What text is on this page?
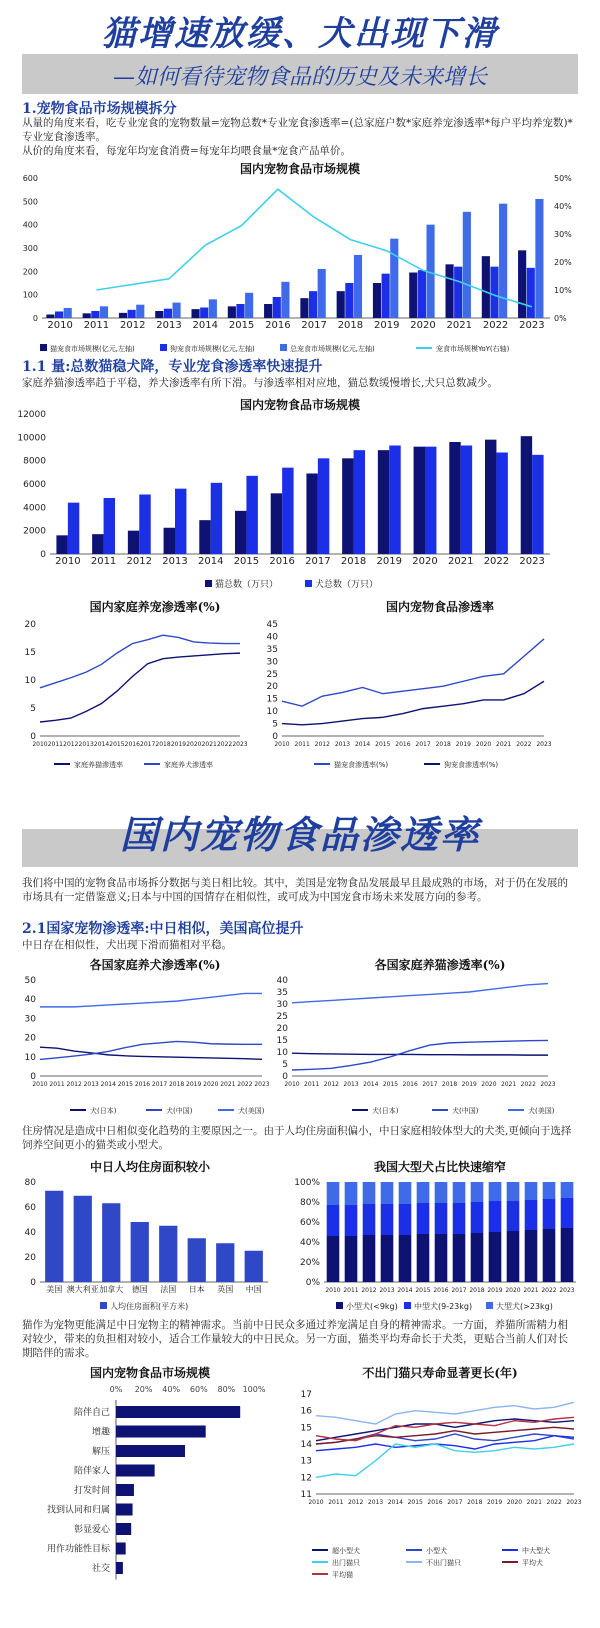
猫增速放缓、犬出现下滑
—如何看待宠物食品的历史及未来增长
1.宠物食品市场规模拆分
从量的角度来看，吃专业宠食的宠物数量=宠物总数*专业宠食渗透率=(总家庭户数*家庭养宠渗透率*每户平均养宠数)*专业宠食渗透率。
从价的角度来看，每宠年均宠食消费=每宠年均喂食量*宠食产品单价。
国内宠物食品市场规模
0
100
200
300
400
500
600
0%
10%
20%
30%
40%
50%
2010 2011 2012 2013 2014 2015 2016 2017 2018 2019 2020 2021 2022 2023
猫宠食市场规模(亿元,左轴)	狗宠食市场规模(亿元,左轴)	总宠食市场规模(亿元,左轴)	宠食市场规模YoY(右轴)
1.1 量:总数猫稳犬降，专业宠食渗透率快速提升
家庭养猫渗透率趋于平稳，养犬渗透率有所下滑。与渗透率相对应地，猫总数缓慢增长,犬只总数减少。
国内宠物食品市场规模
0
2000
4000
6000
8000
10000
12000
2010 2011 2012 2013 2014 2015 2016 2017 2018 2019 2020 2021 2022 2023
猫总数（万只）	犬总数（万只）
国内家庭养宠渗透率(%)
0
5
10
15
20
2010 2011 2012 2013 2014 2015 2016 2017 2018 2019 2020 2021 2022 2023
家庭养猫渗透率	家庭养犬渗透率
国内宠物食品渗透率
0
5
10
15
20
25
30
35
40
45
2010 2011 2012 2013 2014 2015 2016 2017 2018 2019 2020 2021 2022 2023
猫宠食渗透率(%)	狗宠食渗透率(%)
国内宠物食品渗透率
我们将中国的宠物食品市场拆分数据与美日相比较。其中，美国是宠物食品发展最早且最成熟的市场，对于仍在发展的市场具有一定借鉴意义;日本与中国的国情存在相似性，或可成为中国宠食市场未来发展方向的参考。
2.1国家宠物渗透率:中日相似，美国高位提升
中日存在相似性，犬出现下滑而猫相对平稳。
各国家庭养犬渗透率(%)
0
10
20
30
40
50
2010 2011 2012 2013 2014 2015 2016 2017 2018 2019 2020 2021 2022 2023
犬(日本)	犬(中国)	犬(美国)
各国家庭养猫渗透率(%)
0
5
10
15
20
25
30
35
40
2010 2011 2012 2013 2014 2015 2016 2017 2018 2019 2020 2021 2022 2023
犬(日本)	犬(中国)	犬(美国)
住房情况是造成中日相似变化趋势的主要原因之一。由于人均住房面积偏小，中日家庭相较体型大的犬类,更倾向于选择饲养空间更小的猫类或小型犬。
中日人均住房面积较小
0
20
40
60
80
美国 澳大利亚 加拿大 德国 法国 日本 英国 中国
人均住房面积(平方米)
我国大型犬占比快速缩窄
0%
20%
40%
60%
80%
100%
2010 2011 2012 2013 2014 2015 2016 2017 2018 2019 2020 2021 2022 2023
小型犬(<9kg) 中型犬(9-23kg)	大型犬(>23kg)
猫作为宠物更能满足中日宠物主的精神需求。当前中日民众多通过养宠满足自身的精神需求。一方面，养猫所需精力相对较少，带来的负担相对较小，适合工作量较大的中日民众。另一方面，猫类平均寿命长于犬类，更贴合当前人们对长期陪伴的需求。
国内宠物食品市场规模
0% 20% 40% 60% 80% 100%
陪伴自己
增趣
解压
陪伴家人
打发时间
找到认同和归属
彰显爱心
用作功能性目标
社交
不出门猫只寿命显著更长(年)
11
12
13
14
15
16
17
2010 2011 2012 2013 2014 2015 2016 2017 2018 2019 2020 2021 2022 2023
超小型犬	小型犬	中大型犬
出门猫只	不出门猫只	平均犬
平均猫
